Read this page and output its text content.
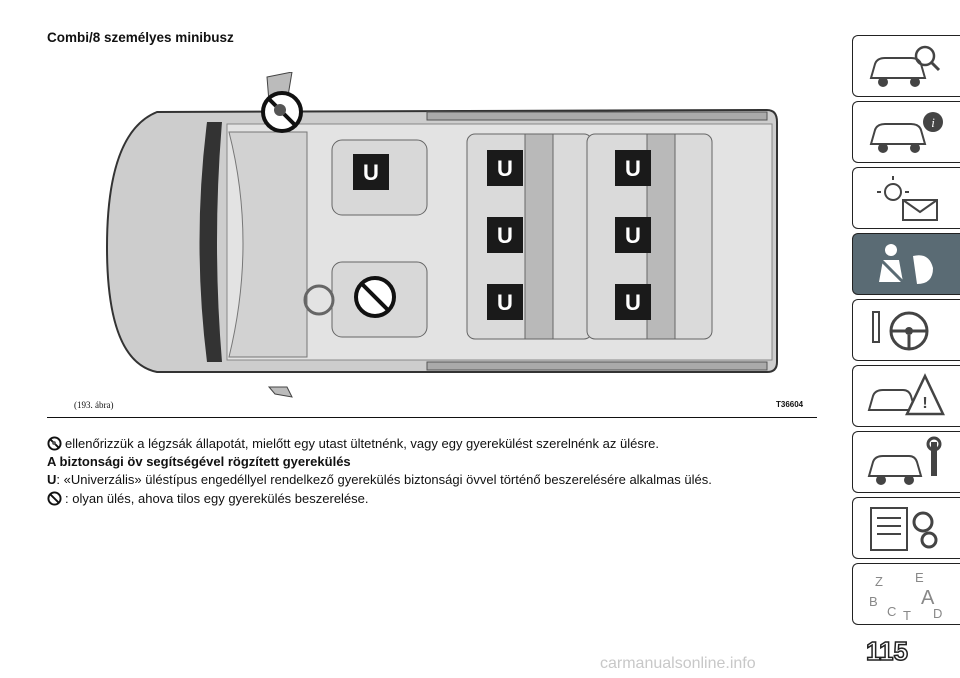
Combi/8 személyes minibusz
U	U
U
U
U
U
U
(193. ábra)	T36604
ellenőrizzük a légzsák állapotát, mielőtt egy utast ültetnénk, vagy egy gyerekülést szerelnénk az ülésre.
A biztonsági öv segítségével rögzített gyerekülés
U: «Univerzális» üléstípus engedéllyel rendelkező gyerekülés biztonsági övvel történő beszerelésére alkalmas ülés.
: olyan ülés, ahova tilos egy gyerekülés beszerelése.
i
!
Z E
B A
C T D
115
carmanualsonline.info
